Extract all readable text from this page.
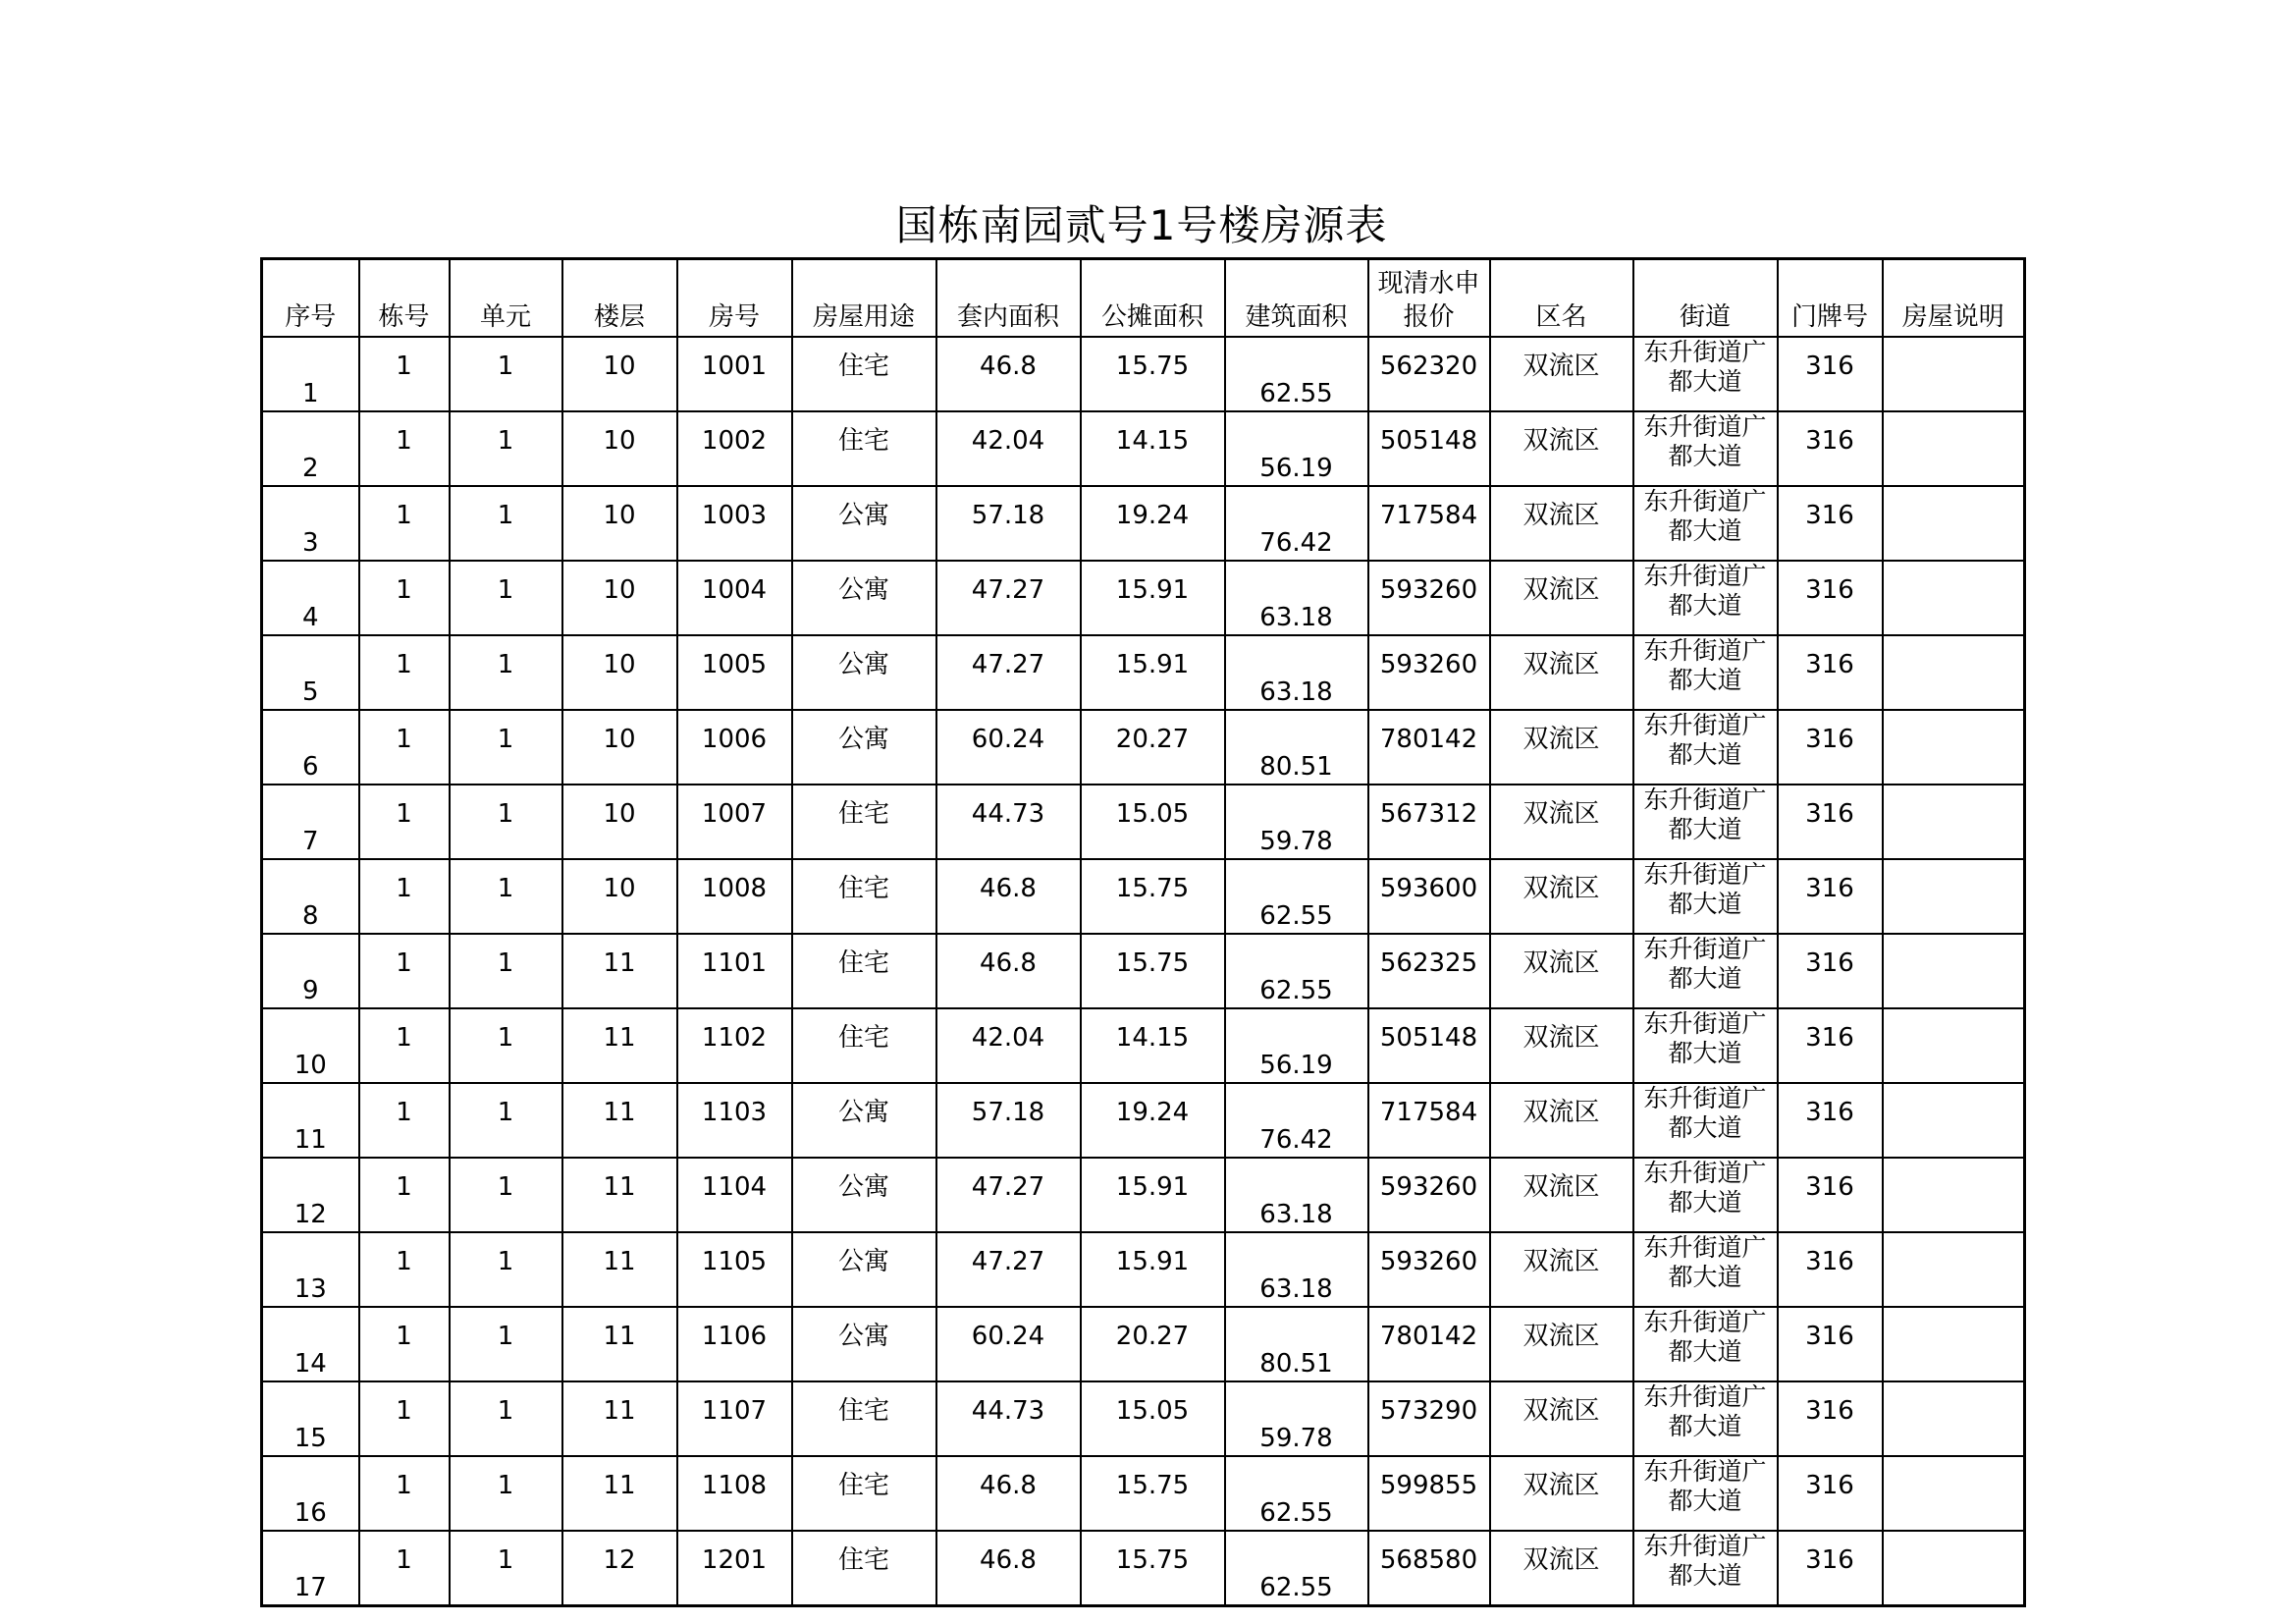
国栋南园贰号1号楼房源表
序号	栋号	单元	楼层	房号	房屋用途	套内面积	公摊面积	建筑面积	现清水申报价	区名	街道	门牌号	房屋说明
1	1	1	10	1001	住宅	46.8	15.75	62.55	562320	双流区	东升街道广都大道	316	
2	1	1	10	1002	住宅	42.04	14.15	56.19	505148	双流区	东升街道广都大道	316	
3	1	1	10	1003	公寓	57.18	19.24	76.42	717584	双流区	东升街道广都大道	316	
4	1	1	10	1004	公寓	47.27	15.91	63.18	593260	双流区	东升街道广都大道	316	
5	1	1	10	1005	公寓	47.27	15.91	63.18	593260	双流区	东升街道广都大道	316	
6	1	1	10	1006	公寓	60.24	20.27	80.51	780142	双流区	东升街道广都大道	316	
7	1	1	10	1007	住宅	44.73	15.05	59.78	567312	双流区	东升街道广都大道	316	
8	1	1	10	1008	住宅	46.8	15.75	62.55	593600	双流区	东升街道广都大道	316	
9	1	1	11	1101	住宅	46.8	15.75	62.55	562325	双流区	东升街道广都大道	316	
10	1	1	11	1102	住宅	42.04	14.15	56.19	505148	双流区	东升街道广都大道	316	
11	1	1	11	1103	公寓	57.18	19.24	76.42	717584	双流区	东升街道广都大道	316	
12	1	1	11	1104	公寓	47.27	15.91	63.18	593260	双流区	东升街道广都大道	316	
13	1	1	11	1105	公寓	47.27	15.91	63.18	593260	双流区	东升街道广都大道	316	
14	1	1	11	1106	公寓	60.24	20.27	80.51	780142	双流区	东升街道广都大道	316	
15	1	1	11	1107	住宅	44.73	15.05	59.78	573290	双流区	东升街道广都大道	316	
16	1	1	11	1108	住宅	46.8	15.75	62.55	599855	双流区	东升街道广都大道	316	
17	1	1	12	1201	住宅	46.8	15.75	62.55	568580	双流区	东升街道广都大道	316	
